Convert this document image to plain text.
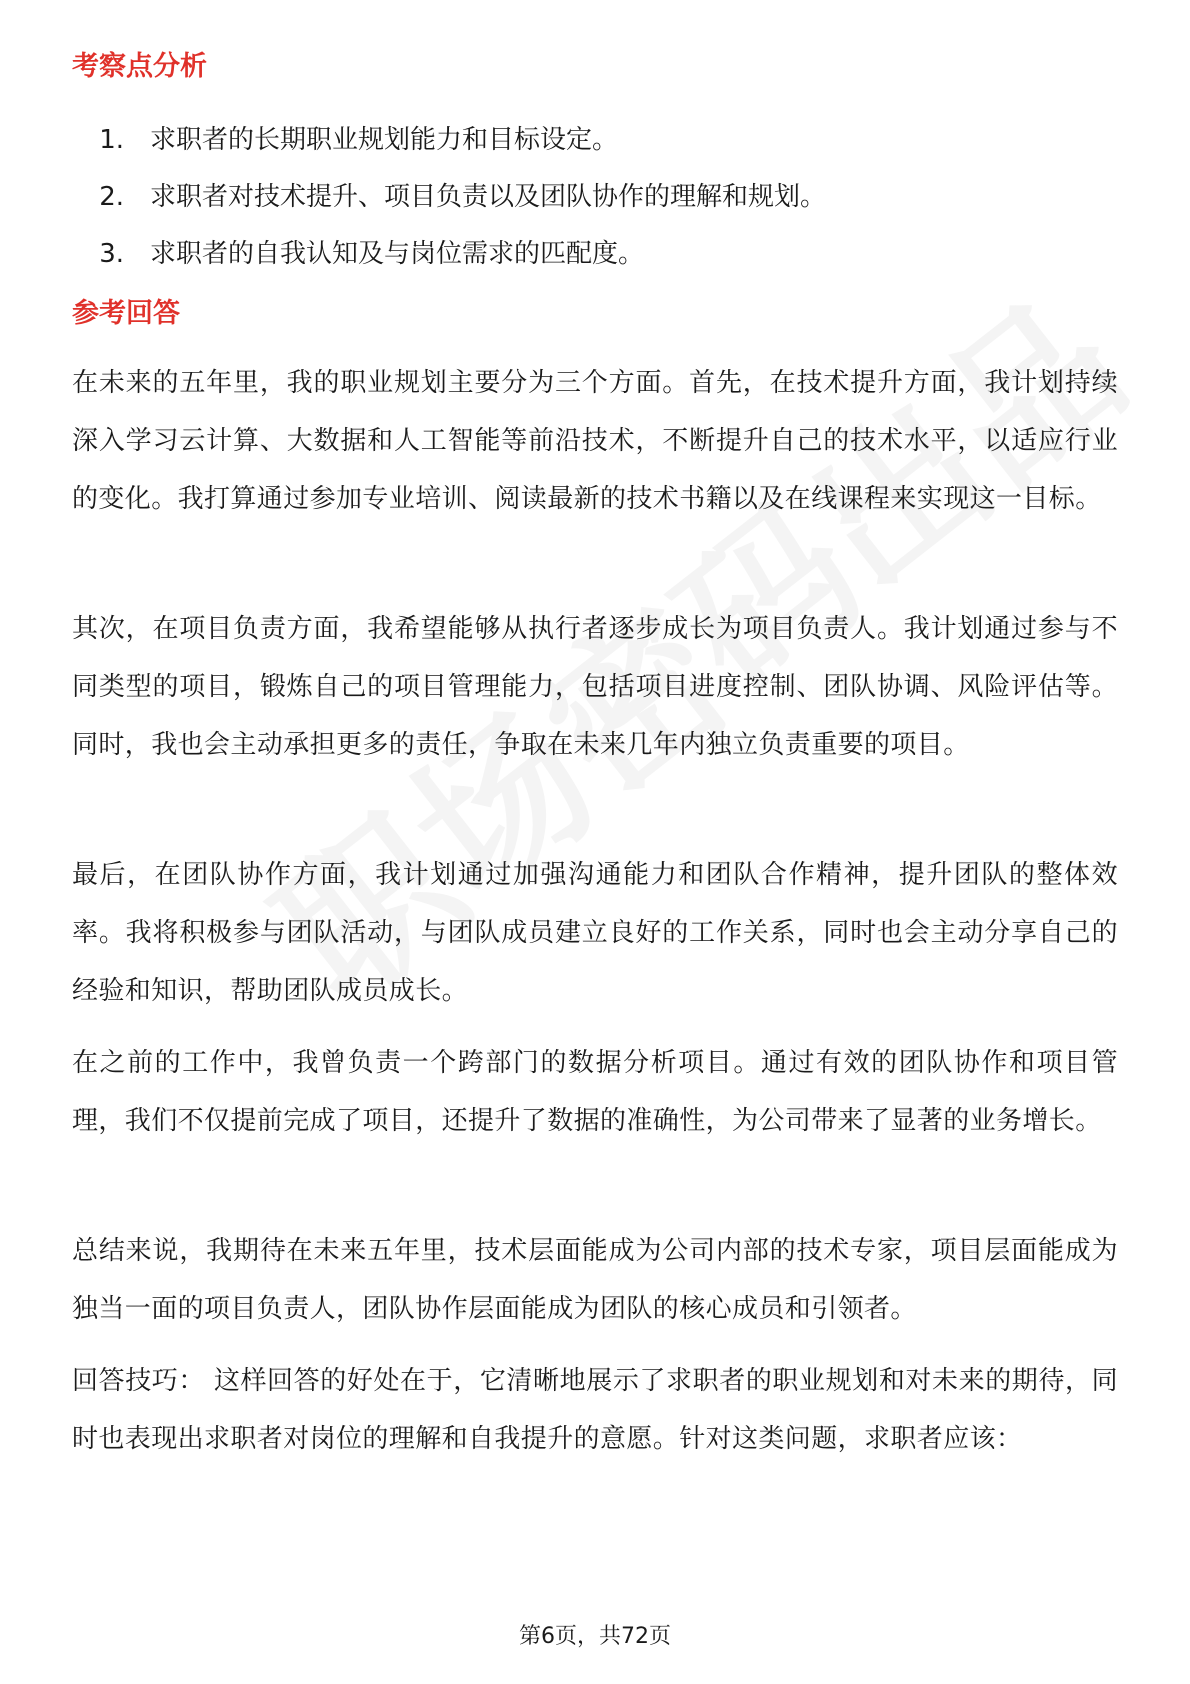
考察点分析
1.	求职者的长期职业规划能力和目标设定。
2.	求职者对技术提升、项目负责以及团队协作的理解和规划。
3.	求职者的自我认知及与岗位需求的匹配度。
参考回答

在未来的五年里，我的职业规划主要分为三个方面。首先，在技术提升方面，我计划持续深入学习云计算、大数据和人工智能等前沿技术，不断提升自己的技术水平，以适应行业的变化。我打算通过参加专业培训、阅读最新的技术书籍以及在线课程来实现这一目标。

其次，在项目负责方面，我希望能够从执行者逐步成长为项目负责人。我计划通过参与不同类型的项目，锻炼自己的项目管理能力，包括项目进度控制、团队协调、风险评估等。同时，我也会主动承担更多的责任，争取在未来几年内独立负责重要的项目。

最后，在团队协作方面，我计划通过加强沟通能力和团队合作精神，提升团队的整体效率。我将积极参与团队活动，与团队成员建立良好的工作关系，同时也会主动分享自己的经验和知识，帮助团队成员成长。

在之前的工作中，我曾负责一个跨部门的数据分析项目。通过有效的团队协作和项目管理，我们不仅提前完成了项目，还提升了数据的准确性，为公司带来了显著的业务增长。

总结来说，我期待在未来五年里，技术层面能成为公司内部的技术专家，项目层面能成为独当一面的项目负责人，团队协作层面能成为团队的核心成员和引领者。

回答技巧： 这样回答的好处在于，它清晰地展示了求职者的职业规划和对未来的期待，同时也表现出求职者对岗位的理解和自我提升的意愿。针对这类问题，求职者应该：

第6页，共72页
